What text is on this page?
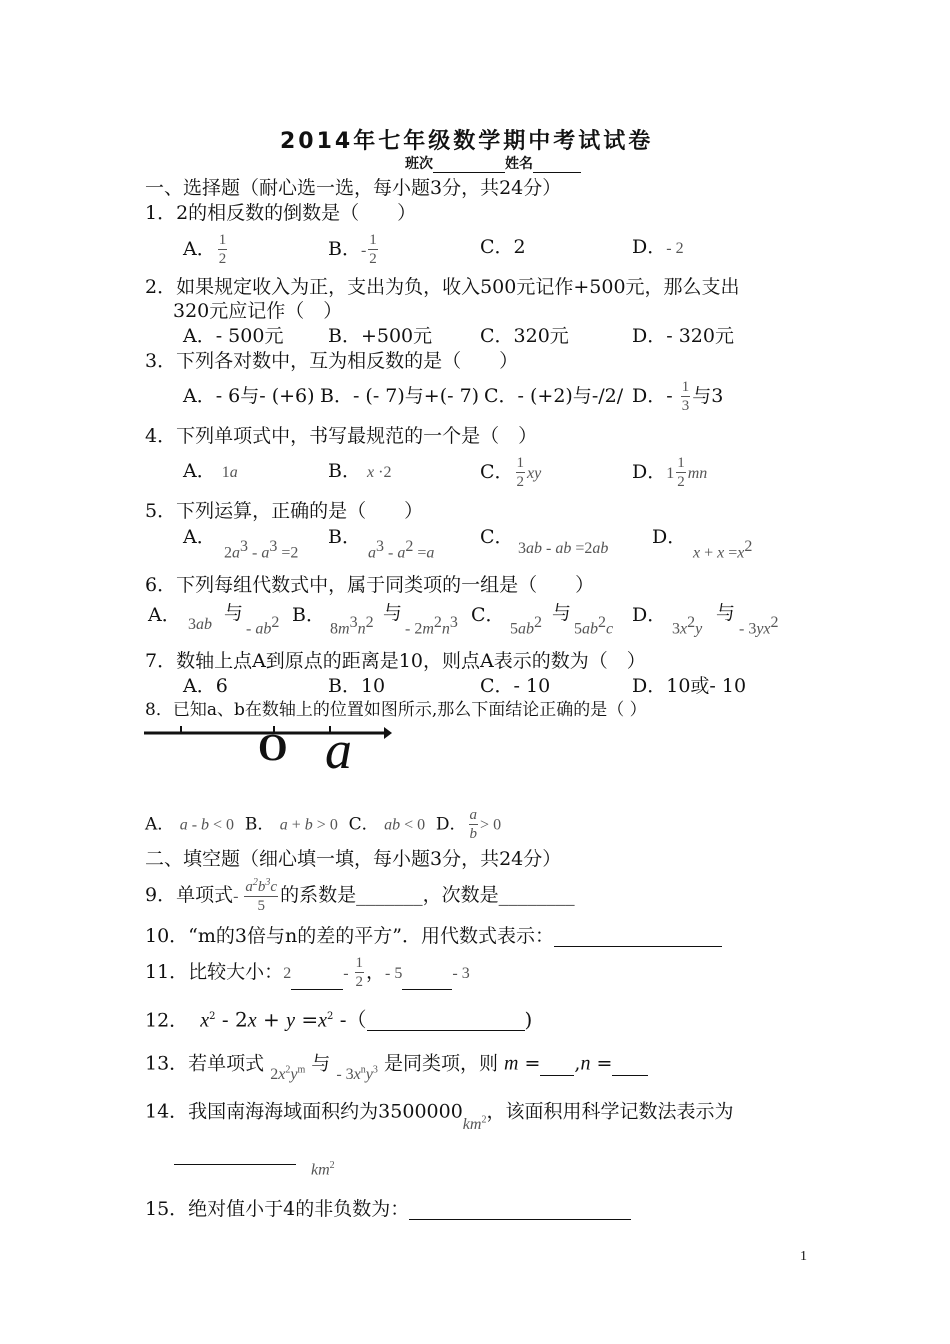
2014年七年级数学期中考试试卷
班次	姓名
一、选择题（耐心选一选，每小题3分，共24分）
1．2的相反数的倒数是（　　）
A． $\frac{1}{2}$	B．- $\frac{1}{2}$	C．2	D．- 2
2．如果规定收入为正，支出为负，收入500元记作+500元，那么支出
320元应记作（　）
A．- 500元 B．+500元	C．320元	D．- 320元
3．下列各对数中，互为相反数的是（　　）
A．- 6与- (+6) B．- (- 7)与+(- 7) C．- (+2)与-/2/ D．- $\frac{1}{3}$ 与3
4．下列单项式中，书写最规范的一个是（　）
A． 1a	B． x ·2	C． $\frac{1}{2}$ xy	D．$1 \frac{1}{2}$ mn
5．下列运算，正确的是（　　）
A．
$2a^3 - a^3 =2$
B．
$a^3 - a^2 =a$
C．
3ab - ab =2ab
D．
$x + x =x^2$
6．下列每组代数式中，属于同类项的一组是（　　）
A．
3ab
与
- $ab^2$ B．
$8m^3n^2$ 与
- $2m^2n^3$ C．
$5ab^2$ 与
$5ab^2c$
D．
$3x^2y$
与
- $3yx^2$
7．数轴上点A到原点的距离是10，则点A表示的数为（　）
A．6	B．10	C．- 10	D．10或- 10
8．已知a、b在数轴上的位置如图所示,那么下面结论正确的是（ ）
O a
A． a - b < 0 B． a + b > 0 C． ab < 0 D． $\frac{a}{b} > 0$
二、填空题（细心填一填，每小题3分，共24分）
9．单项式- $\frac{a^2b^3c}{5}$ 的系数是_______，次数是________
10．“m的3倍与n的差的平方”．用代数式表示：
11．比较大小：2	- $\frac{1}{2}$ ，- 5	- 3
12． $x^2 - 2x + y =x^2$ -（	)
13．若单项式 $_{2x^2y^m}$ 与 $_{- 3x^ny^3}$ 是同类项，则 m = ,n =
14．我国南海海域面积约为$3500000_{km^2}$，该面积用科学记数法表示为
$km^2$
15．绝对值小于4的非负数为：
1
